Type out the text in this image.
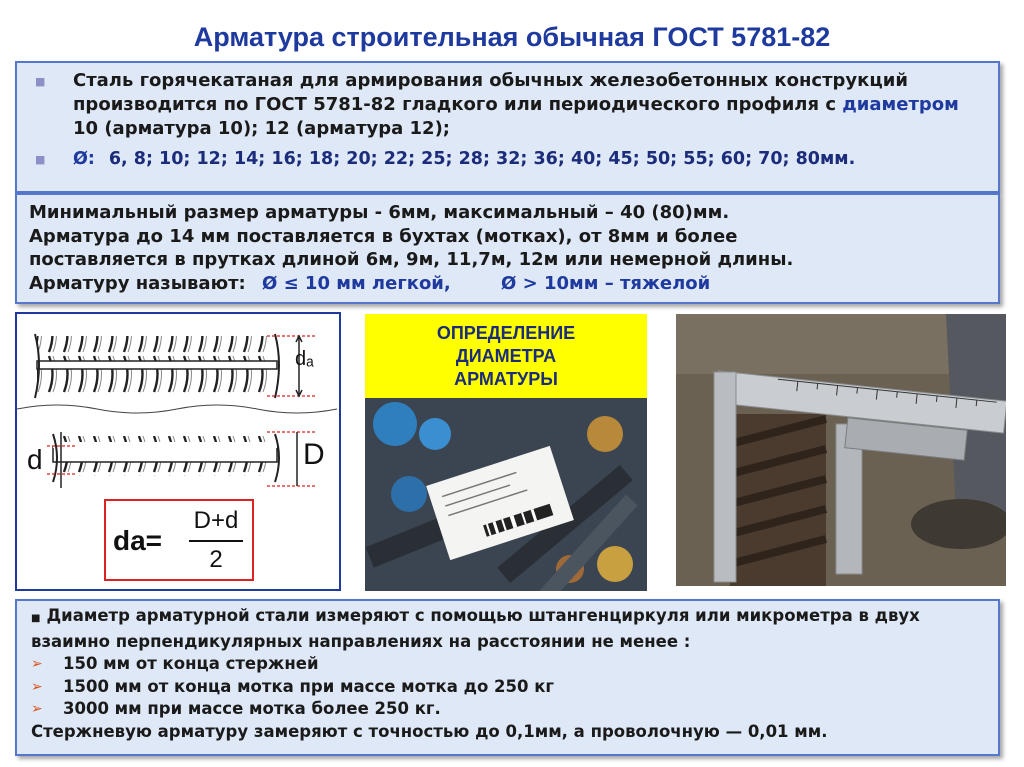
Арматура строительная обычная ГОСТ 5781-82
■	Сталь горячекатаная для армирования обычных железобетонных конструкций производится по ГОСТ 5781-82 гладкого или периодического профиля с диаметром 10 (арматура 10); 12 (арматура 12);
■	Ø: 6, 8; 10; 12; 14; 16; 18; 20; 22; 25; 28; 32; 36; 40; 45; 50; 55; 60; 70; 80мм.
Минимальный размер арматуры - 6мм, максимальный – 40 (80)мм.
Арматура до 14 мм поставляется в бухтах (мотках), от 8мм и более
поставляется в прутках длиной 6м, 9м, 11,7м, 12м или немерной длины.
Арматуру называют: Ø ≤ 10 мм легкой,	Ø > 10мм – тяжелой
dₐ
d	D
da=
D+d
2
ОПРЕДЕЛЕНИЕ
ДИАМЕТРА
АРМАТУРЫ
■ Диаметр арматурной стали измеряют с помощью штангенциркуля или микрометра в двух
взаимно перпендикулярных направлениях на расстоянии не менее :
➢	150 мм от конца стержней
➢	1500 мм от конца мотка при массе мотка до 250 кг
➢	3000 мм при массе мотка более 250 кг.
Стержневую арматуру замеряют с точностью до 0,1мм, а проволочную — 0,01 мм.
